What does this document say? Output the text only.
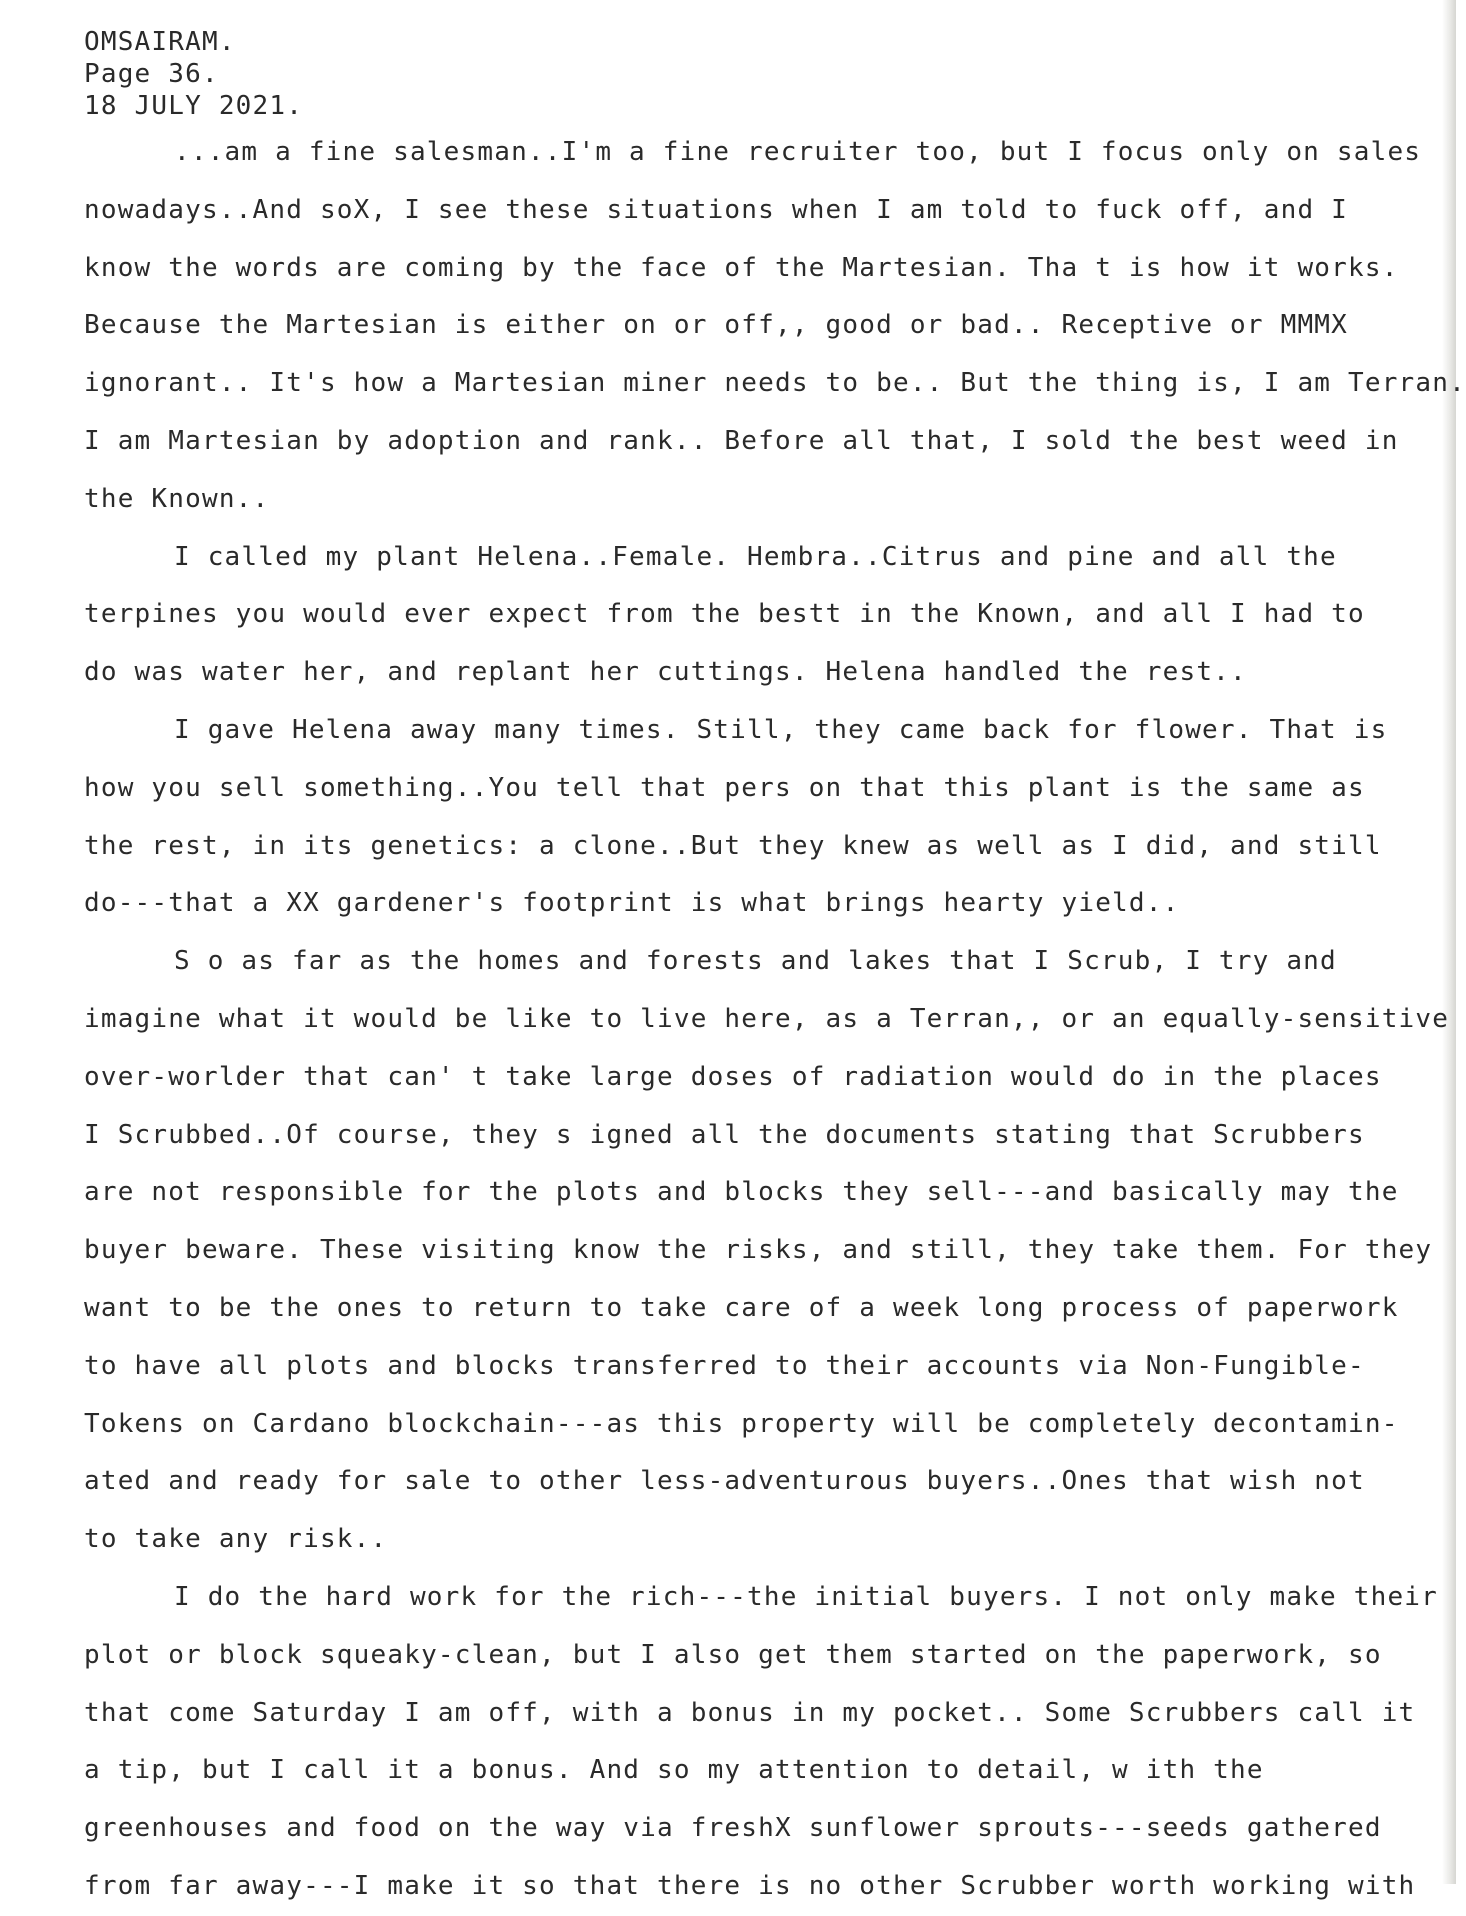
OMSAIRAM.
Page 36.
18 JULY 2021.
...am a fine salesman..I'm a fine recruiter too, but I focus only on sales
nowadays..And soX, I see these situations when I am told to fuck off, and I
know the words are coming by the face of the Martesian. Tha t is how it works.
Because the Martesian is either on or off,, good or bad.. Receptive or MMMX
ignorant.. It's how a Martesian miner needs to be.. But the thing is, I am Terran.
I am Martesian by adoption and rank.. Before all that, I sold the best weed in
the Known..
I called my plant Helena..Female. Hembra..Citrus and pine and all the
terpines you would ever expect from the bestt in the Known, and all I had to
do was water her, and replant her cuttings. Helena handled the rest..
I gave Helena away many times. Still, they came back for flower. That is
how you sell something..You tell that pers on that this plant is the same as
the rest, in its genetics: a clone..But they knew as well as I did, and still
do---that a XX gardener's footprint is what brings hearty yield..
S o as far as the homes and forests and lakes that I Scrub, I try and
imagine what it would be like to live here, as a Terran,, or an equally-sensitive
over-worlder that can' t take large doses of radiation would do in the places
I Scrubbed..Of course, they s igned all the documents stating that Scrubbers
are not responsible for the plots and blocks they sell---and basically may the
buyer beware. These visiting know the risks, and still, they take them. For they
want to be the ones to return to take care of a week long process of paperwork
to have all plots and blocks transferred to their accounts via Non-Fungible-
Tokens on Cardano blockchain---as this property will be completely decontamin-
ated and ready for sale to other less-adventurous buyers..Ones that wish not
to take any risk..
I do the hard work for the rich---the initial buyers. I not only make their
plot or block squeaky-clean, but I also get them started on the paperwork, so
that come Saturday I am off, with a bonus in my pocket.. Some Scrubbers call it
a tip, but I call it a bonus. And so my attention to detail, w ith the
greenhouses and food on the way via freshX sunflower sprouts---seeds gathered
from far away---I make it so that there is no other Scrubber worth working with
